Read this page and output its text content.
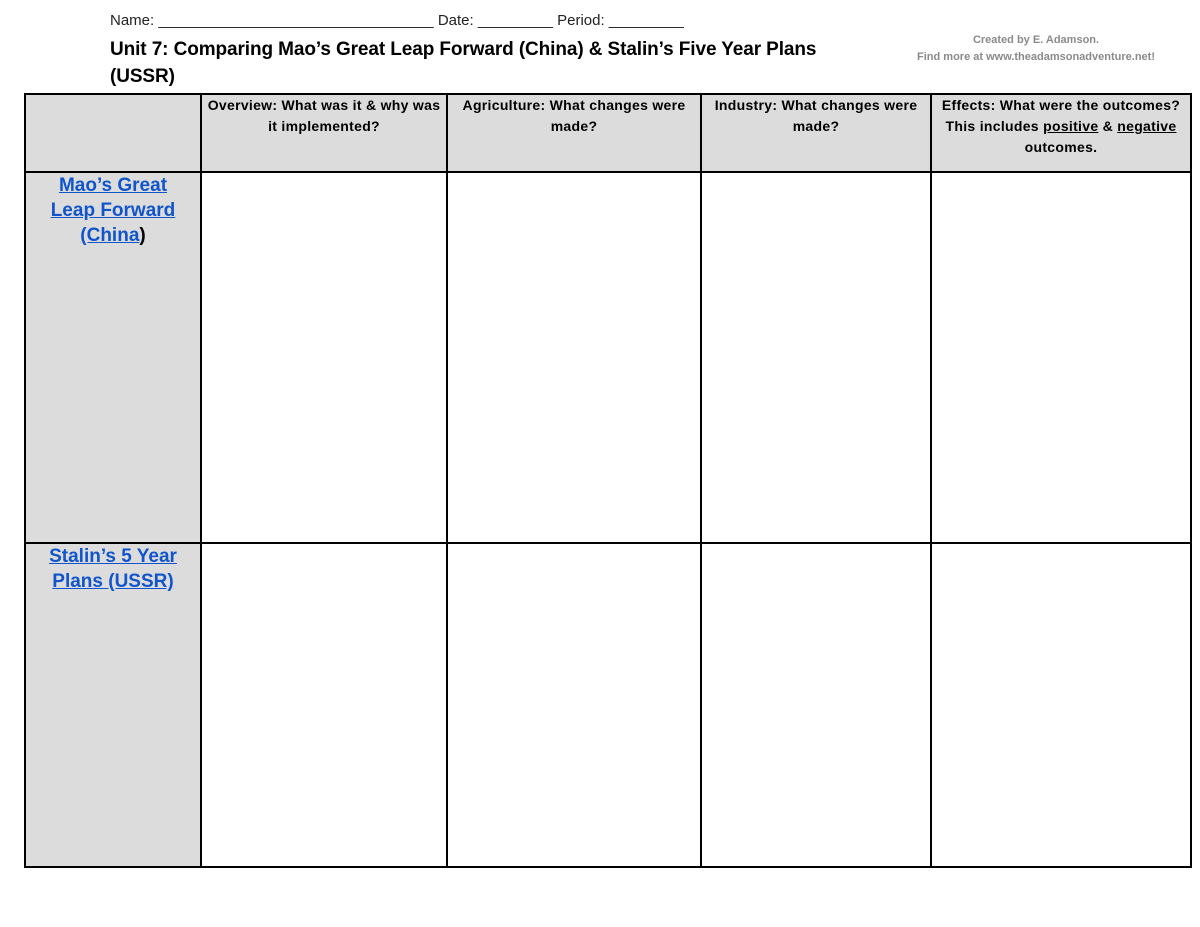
Name: _________________________________ Date: _________ Period: _________
Unit 7: Comparing Mao’s Great Leap Forward (China) & Stalin’s Five Year Plans (USSR)
Created by E. Adamson.
Find more at www.theadamsonadventure.net!
	Overview: What was it & why was it implemented?	Agriculture: What changes were made?	Industry: What changes were made?	Effects: What were the outcomes? This includes positive & negative outcomes.
Mao’s Great Leap Forward (China)				
Stalin’s 5 Year Plans (USSR)				
